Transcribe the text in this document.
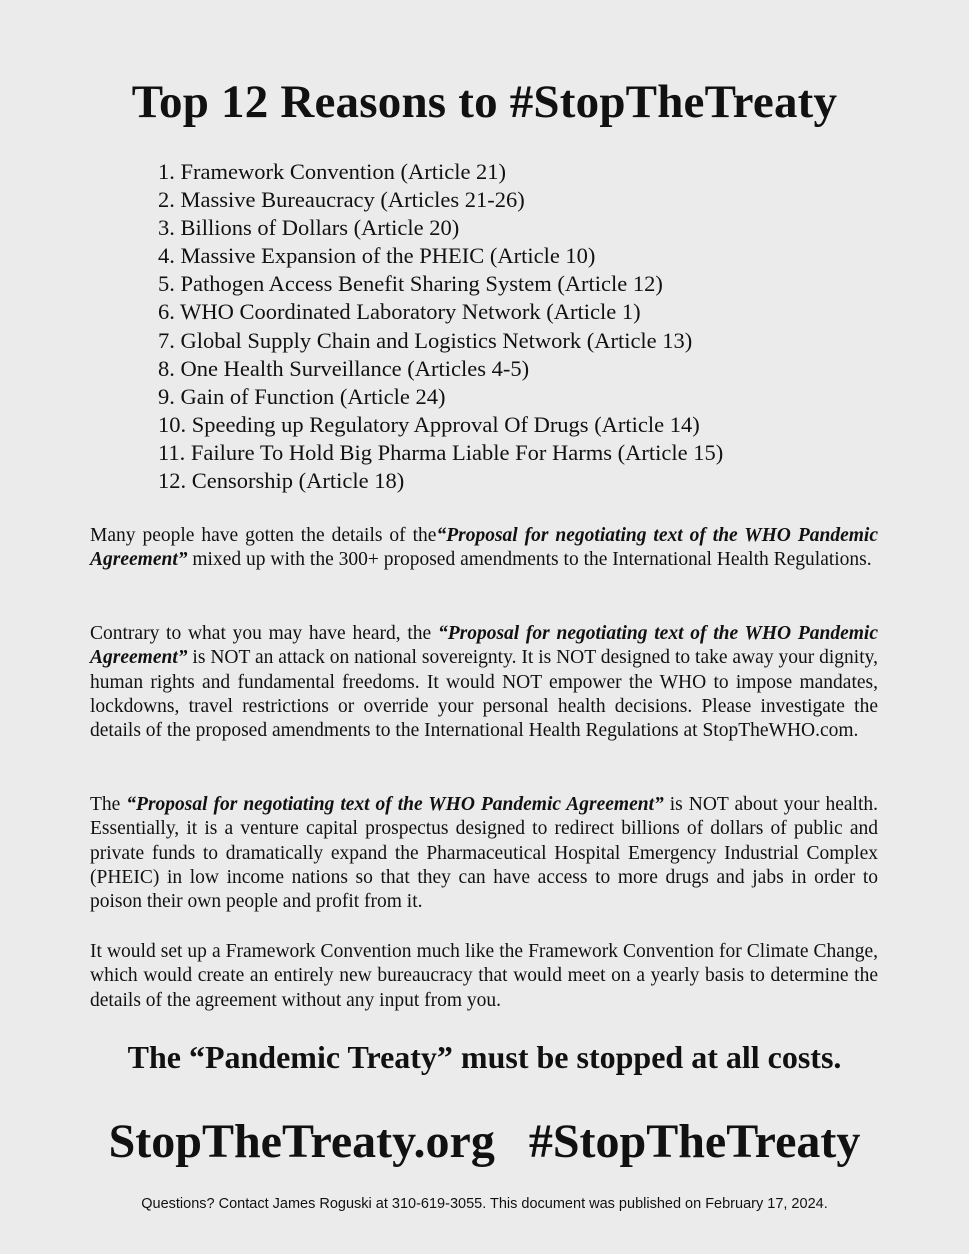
Top 12 Reasons to #StopTheTreaty
1. Framework Convention (Article 21)
2. Massive Bureaucracy (Articles 21-26)
3. Billions of Dollars (Article 20)
4. Massive Expansion of the PHEIC (Article 10)
5. Pathogen Access Benefit Sharing System (Article 12)
6. WHO Coordinated Laboratory Network (Article 1)
7. Global Supply Chain and Logistics Network (Article 13)
8. One Health Surveillance (Articles 4-5)
9. Gain of Function (Article 24)
10. Speeding up Regulatory Approval Of Drugs (Article 14)
11. Failure To Hold Big Pharma Liable For Harms (Article 15)
12. Censorship (Article 18)

Many people have gotten the details of the“Proposal for negotiating text of the WHO Pandemic Agreement” mixed up with the 300+ proposed amendments to the International Health Regulations.

Contrary to what you may have heard, the “Proposal for negotiating text of the WHO Pandemic Agreement” is NOT an attack on national sovereignty. It is NOT designed to take away your dignity, human rights and fundamental freedoms. It would NOT empower the WHO to impose mandates, lockdowns, travel restrictions or override your personal health decisions. Please investigate the details of the proposed amendments to the International Health Regulations at StopTheWHO.com.

The “Proposal for negotiating text of the WHO Pandemic Agreement” is NOT about your health. Essentially, it is a venture capital prospectus designed to redirect billions of dollars of public and private funds to dramatically expand the Pharmaceutical Hospital Emergency Industrial Complex (PHEIC) in low income nations so that they can have access to more drugs and jabs in order to poison their own people and profit from it.

It would set up a Framework Convention much like the Framework Convention for Climate Change, which would create an entirely new bureaucracy that would meet on a yearly basis to determine the details of the agreement without any input from you.

The “Pandemic Treaty” must be stopped at all costs.
StopTheTreaty.org #StopTheTreaty

Questions? Contact James Roguski at 310-619-3055. This document was published on February 17, 2024.
